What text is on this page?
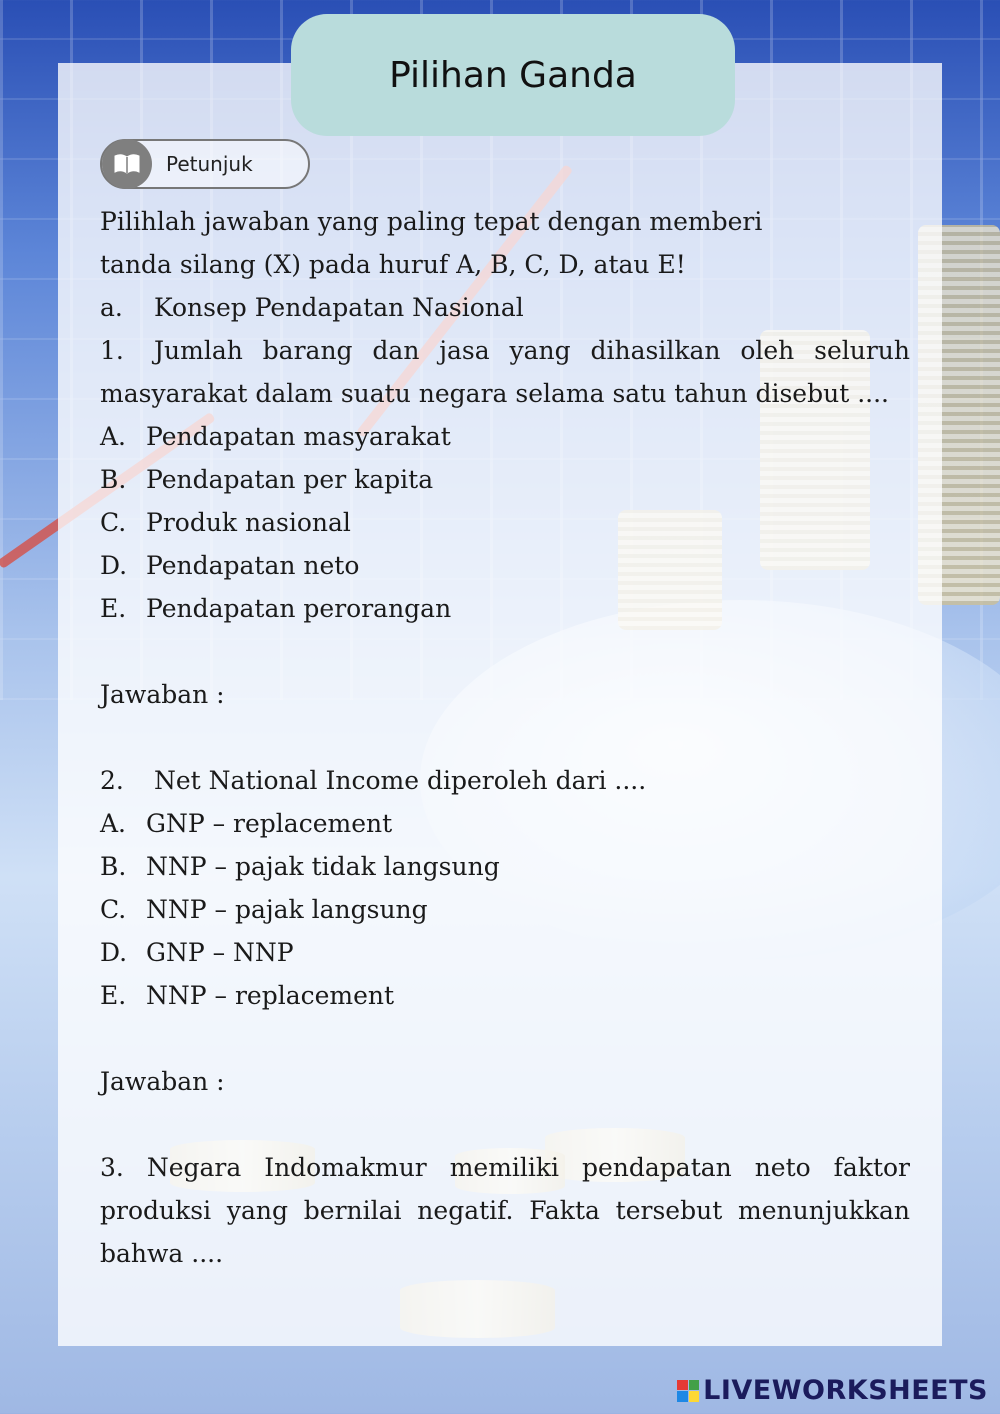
Pilihan Ganda
Petunjuk
Pilihlah jawaban yang paling tepat dengan memberi
tanda silang (X) pada huruf A, B, C, D, atau E!
a. Konsep Pendapatan Nasional
1. Jumlah barang dan jasa yang dihasilkan oleh seluruh masyarakat dalam suatu negara selama satu tahun disebut ....
A. Pendapatan masyarakat
B. Pendapatan per kapita
C. Produk nasional
D. Pendapatan neto
E. Pendapatan perorangan
Jawaban :
2. Net National Income diperoleh dari ....
A. GNP – replacement
B. NNP – pajak tidak langsung
C. NNP – pajak langsung
D. GNP – NNP
E. NNP – replacement
Jawaban :
3. Negara Indomakmur memiliki pendapatan neto faktor produksi yang bernilai negatif. Fakta tersebut menunjukkan bahwa ....
LIVEWORKSHEETS
